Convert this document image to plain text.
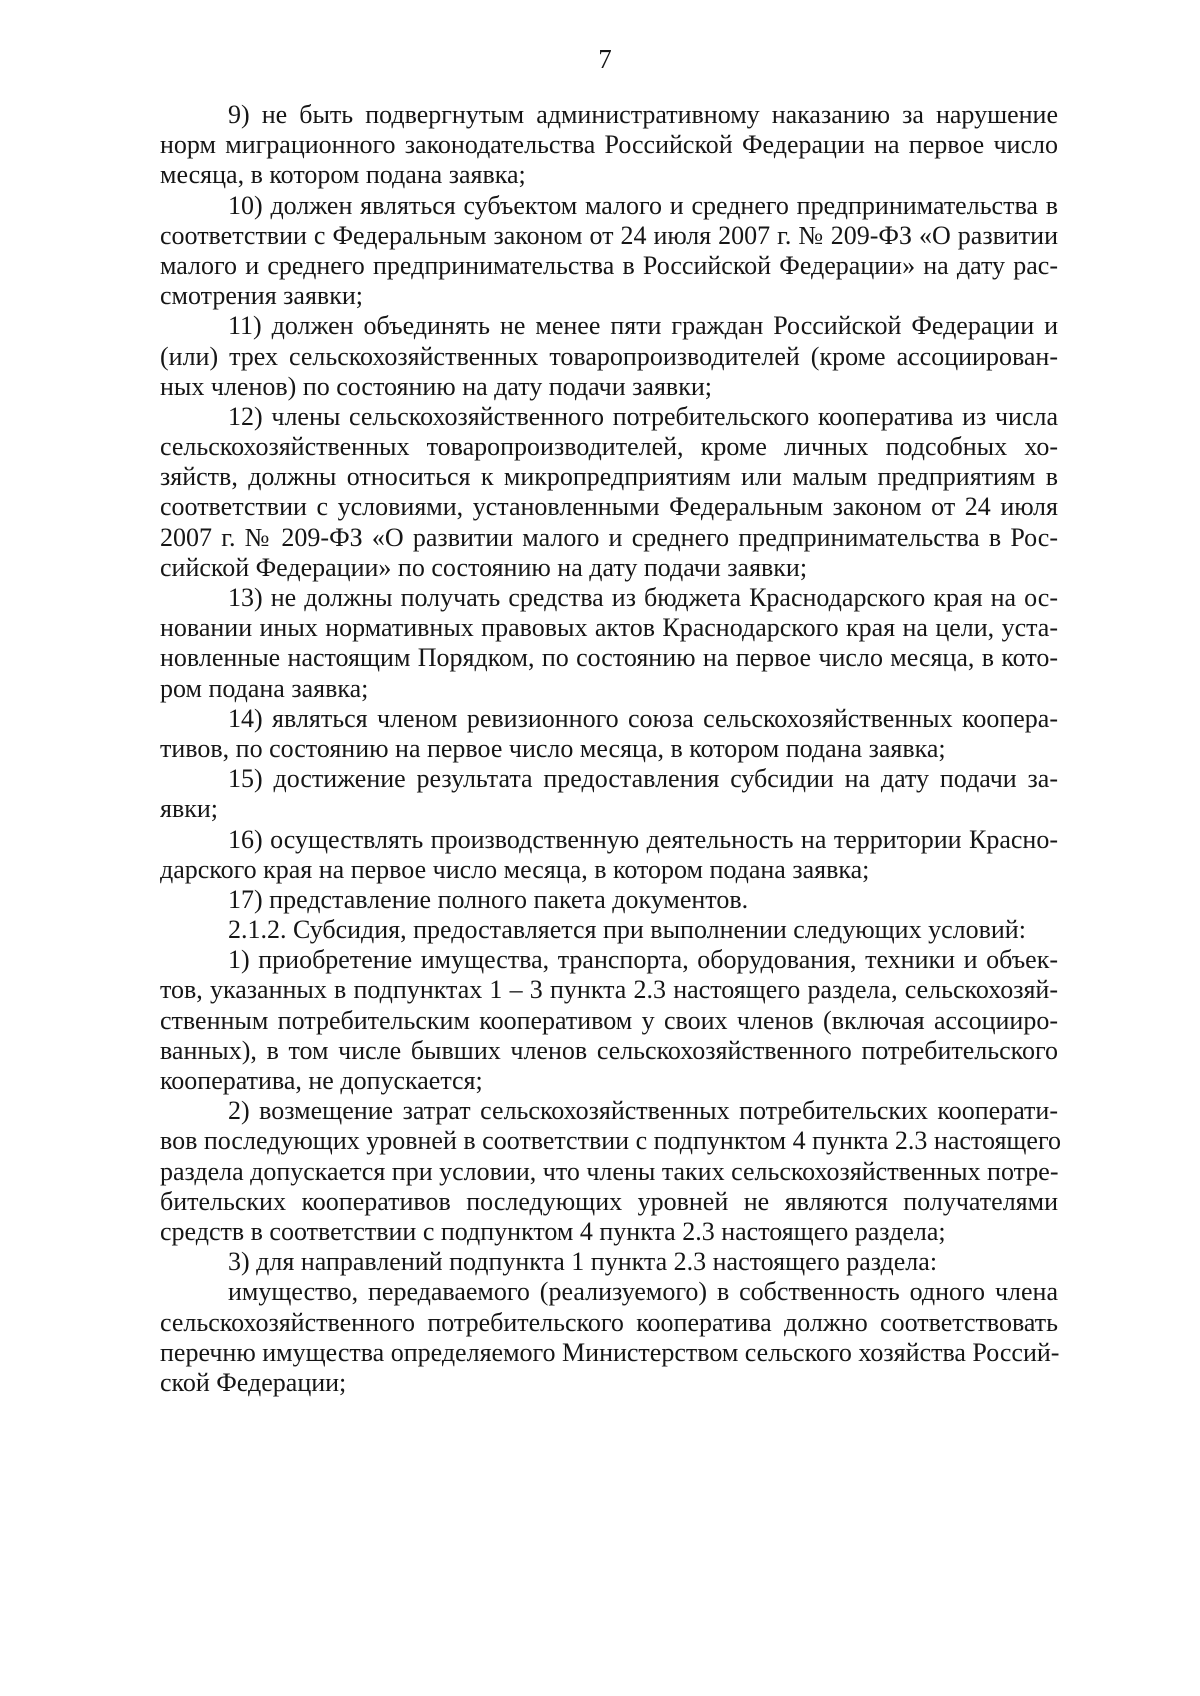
7
9) не быть подвергнутым административному наказанию за нарушение
норм миграционного законодательства Российской Федерации на первое число
месяца, в котором подана заявка;
10) должен являться субъектом малого и среднего предпринимательства в
соответствии с Федеральным законом от 24 июля 2007 г. № 209-ФЗ «О развитии
малого и среднего предпринимательства в Российской Федерации» на дату рас-
смотрения заявки;
11) должен объединять не менее пяти граждан Российской Федерации и
(или) трех сельскохозяйственных товаропроизводителей (кроме ассоциирован-
ных членов) по состоянию на дату подачи заявки;
12) члены сельскохозяйственного потребительского кооператива из числа
сельскохозяйственных товаропроизводителей, кроме личных подсобных хо-
зяйств, должны относиться к микропредприятиям или малым предприятиям в
соответствии с условиями, установленными Федеральным законом от 24 июля
2007 г. № 209-ФЗ «О развитии малого и среднего предпринимательства в Рос-
сийской Федерации» по состоянию на дату подачи заявки;
13) не должны получать средства из бюджета Краснодарского края на ос-
новании иных нормативных правовых актов Краснодарского края на цели, уста-
новленные настоящим Порядком, по состоянию на первое число месяца, в кото-
ром подана заявка;
14) являться членом ревизионного союза сельскохозяйственных коопера-
тивов, по состоянию на первое число месяца, в котором подана заявка;
15) достижение результата предоставления субсидии на дату подачи за-
явки;
16) осуществлять производственную деятельность на территории Красно-
дарского края на первое число месяца, в котором подана заявка;
17) представление полного пакета документов.
2.1.2. Субсидия, предоставляется при выполнении следующих условий:
1) приобретение имущества, транспорта, оборудования, техники и объек-
тов, указанных в подпунктах 1 – 3 пункта 2.3 настоящего раздела, сельскохозяй-
ственным потребительским кооперативом у своих членов (включая ассоцииро-
ванных), в том числе бывших членов сельскохозяйственного потребительского
кооператива, не допускается;
2) возмещение затрат сельскохозяйственных потребительских кооперати-
вов последующих уровней в соответствии с подпунктом 4 пункта 2.3 настоящего
раздела допускается при условии, что члены таких сельскохозяйственных потре-
бительских кооперативов последующих уровней не являются получателями
средств в соответствии с подпунктом 4 пункта 2.3 настоящего раздела;
3) для направлений подпункта 1 пункта 2.3 настоящего раздела:
имущество, передаваемого (реализуемого) в собственность одного члена
сельскохозяйственного потребительского кооператива должно соответствовать
перечню имущества определяемого Министерством сельского хозяйства Россий-
ской Федерации;
